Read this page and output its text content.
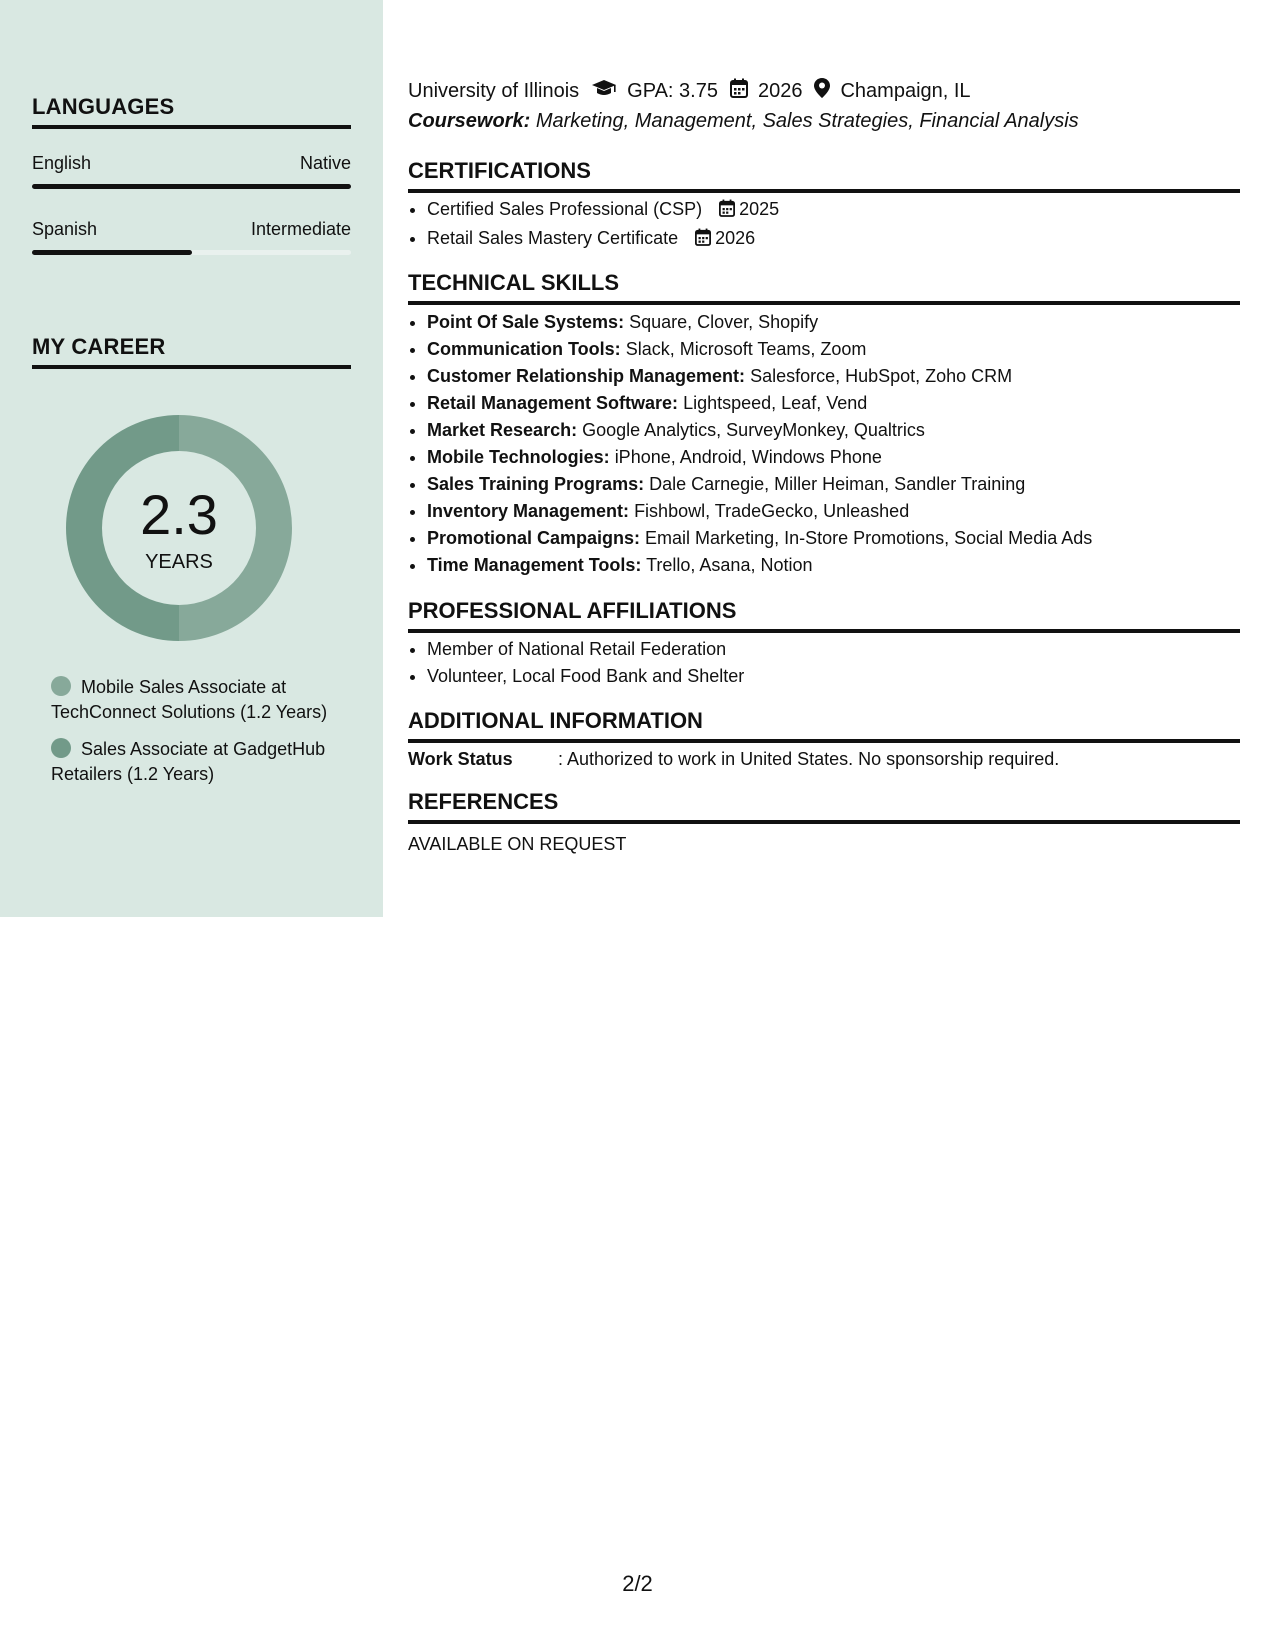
LANGUAGES
English	Native
Spanish	Intermediate
MY CAREER
2.3
YEARS
Mobile Sales Associate at TechConnect Solutions (1.2 Years)
Sales Associate at GadgetHub Retailers (1.2 Years)
University of Illinois GPA: 3.75 2026 Champaign, IL
Coursework: Marketing, Management, Sales Strategies, Financial Analysis
CERTIFICATIONS
• Certified Sales Professional (CSP) 2025
• Retail Sales Mastery Certificate 2026
TECHNICAL SKILLS
• Point Of Sale Systems: Square, Clover, Shopify
• Communication Tools: Slack, Microsoft Teams, Zoom
• Customer Relationship Management: Salesforce, HubSpot, Zoho CRM
• Retail Management Software: Lightspeed, Leaf, Vend
• Market Research: Google Analytics, SurveyMonkey, Qualtrics
• Mobile Technologies: iPhone, Android, Windows Phone
• Sales Training Programs: Dale Carnegie, Miller Heiman, Sandler Training
• Inventory Management: Fishbowl, TradeGecko, Unleashed
• Promotional Campaigns: Email Marketing, In-Store Promotions, Social Media Ads
• Time Management Tools: Trello, Asana, Notion
PROFESSIONAL AFFILIATIONS
• Member of National Retail Federation
• Volunteer, Local Food Bank and Shelter
ADDITIONAL INFORMATION
Work Status	: Authorized to work in United States. No sponsorship required.
REFERENCES
AVAILABLE ON REQUEST
2/2
